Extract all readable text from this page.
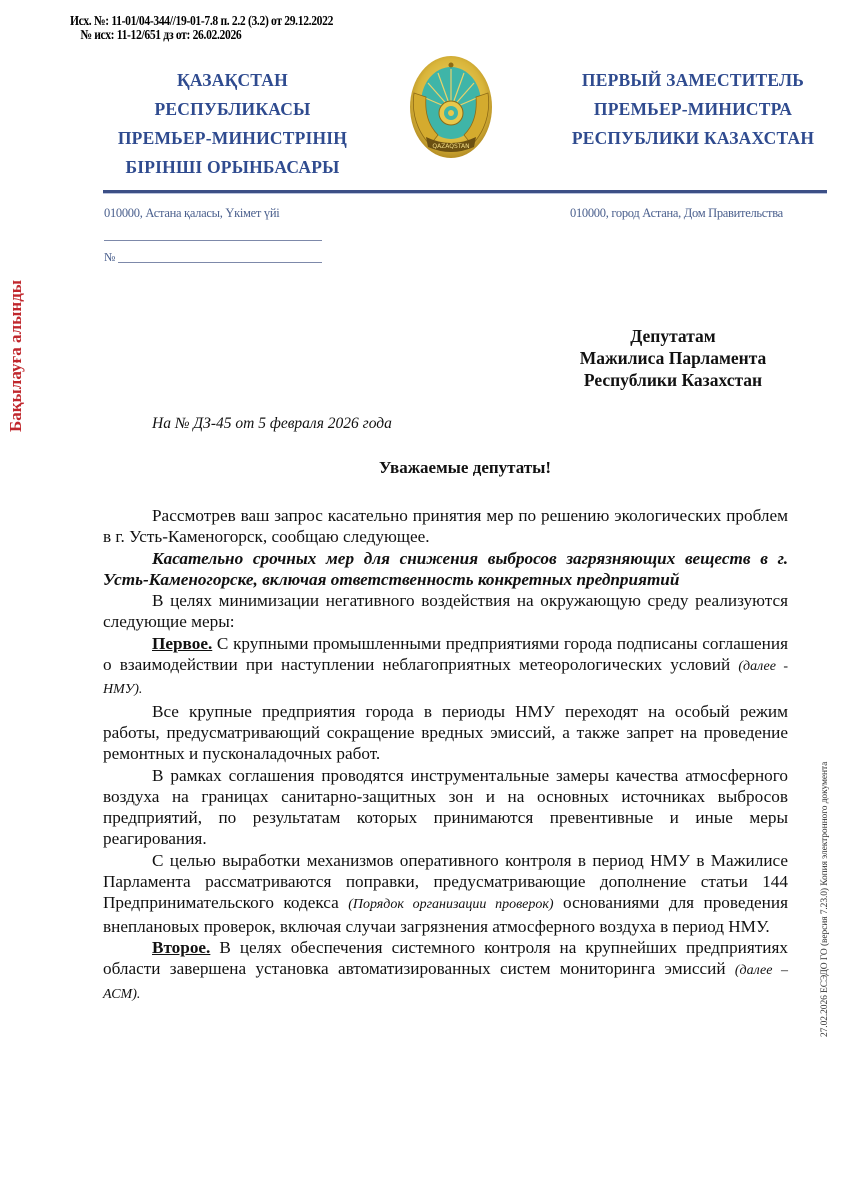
Исх. №: 11-01/04-344//19-01-7.8 п. 2.2 (3.2) от 29.12.2022
№ исх: 11-12/651 дз от: 26.02.2026
ҚАЗАҚСТАН РЕСПУБЛИКАСЫ
ПРЕМЬЕР-МИНИСТРІНІҢ
БІРІНШІ ОРЫНБАСАРЫ
QAZAQSTAN
ПЕРВЫЙ ЗАМЕСТИТЕЛЬ
ПРЕМЬЕР-МИНИСТРА
РЕСПУБЛИКИ КАЗАХСТАН
010000, Астана қаласы, Үкімет үйі	010000, город Астана, Дом Правительства
№
Бақылауға алынды
27.02.2026 ЕСЭДО ГО (версия 7.23.0) Копия электронного документа
Депутатам
Мажилиса Парламента
Республики Казахстан
На № ДЗ-45 от 5 февраля 2026 года
Уважаемые депутаты!

Рассмотрев ваш запрос касательно принятия мер по решению экологических проблем в г. Усть-Каменогорск, сообщаю следующее.

Касательно срочных мер для снижения выбросов загрязняющих веществ в г. Усть-Каменогорске, включая ответственность конкретных предприятий

В целях минимизации негативного воздействия на окружающую среду реализуются следующие меры:

Первое. С крупными промышленными предприятиями города подписаны соглашения о взаимодействии при наступлении неблагоприятных метеорологических условий (далее - НМУ).

Все крупные предприятия города в периоды НМУ переходят на особый режим работы, предусматривающий сокращение вредных эмиссий, а также запрет на проведение ремонтных и пусконаладочных работ.

В рамках соглашения проводятся инструментальные замеры качества атмосферного воздуха на границах санитарно-защитных зон и на основных источниках выбросов предприятий, по результатам которых принимаются превентивные и иные меры реагирования.

С целью выработки механизмов оперативного контроля в период НМУ в Мажилисе Парламента рассматриваются поправки, предусматривающие дополнение статьи 144 Предпринимательского кодекса (Порядок организации проверок) основаниями для проведения внеплановых проверок, включая случаи загрязнения атмосферного воздуха в период НМУ.

Второе. В целях обеспечения системного контроля на крупнейших предприятиях области завершена установка автоматизированных систем мониторинга эмиссий (далее – АСМ).
